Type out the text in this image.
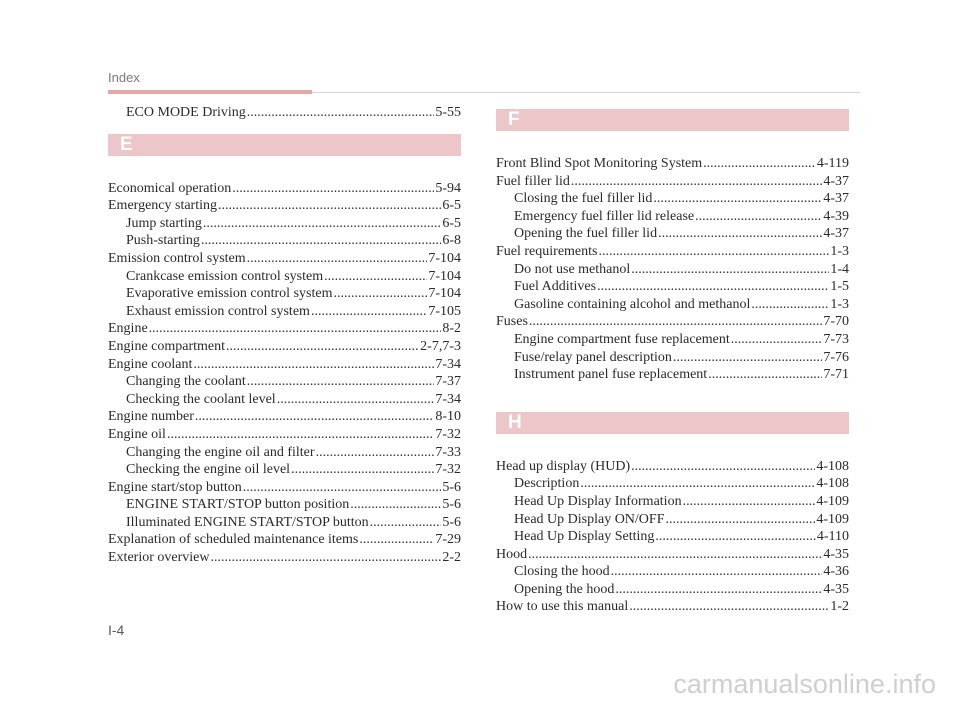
Index
ECO MODE Driving .....	5-55
E
Economical operation .....	5-94
Emergency starting .....	6-5
Jump starting .....	6-5
Push-starting .....	6-8
Emission control system .....	7-104
Crankcase emission control system .....	7-104
Evaporative emission control system .....	7-104
Exhaust emission control system .....	7-105
Engine .....	8-2
Engine compartment .....	2-7,7-3
Engine coolant .....	7-34
Changing the coolant .....	7-37
Checking the coolant level .....	7-34
Engine number .....	8-10
Engine oil .....	7-32
Changing the engine oil and filter .....	7-33
Checking the engine oil level .....	7-32
Engine start/stop button .....	5-6
ENGINE START/STOP button position .....	5-6
Illuminated ENGINE START/STOP button .....	5-6
Explanation of scheduled maintenance items .....	7-29
Exterior overview .....	2-2
F
Front Blind Spot Monitoring System .....	4-119
Fuel filler lid .....	4-37
Closing the fuel filler lid .....	4-37
Emergency fuel filler lid release .....	4-39
Opening the fuel filler lid .....	4-37
Fuel requirements .....	1-3
Do not use methanol .....	1-4
Fuel Additives .....	1-5
Gasoline containing alcohol and methanol .....	1-3
Fuses .....	7-70
Engine compartment fuse replacement .....	7-73
Fuse/relay panel description .....	7-76
Instrument panel fuse replacement .....	7-71
H
Head up display (HUD) .....	4-108
Description .....	4-108
Head Up Display Information .....	4-109
Head Up Display ON/OFF .....	4-109
Head Up Display Setting .....	4-110
Hood .....	4-35
Closing the hood .....	4-36
Opening the hood .....	4-35
How to use this manual .....	1-2
I-4
carmanualsonline.info
